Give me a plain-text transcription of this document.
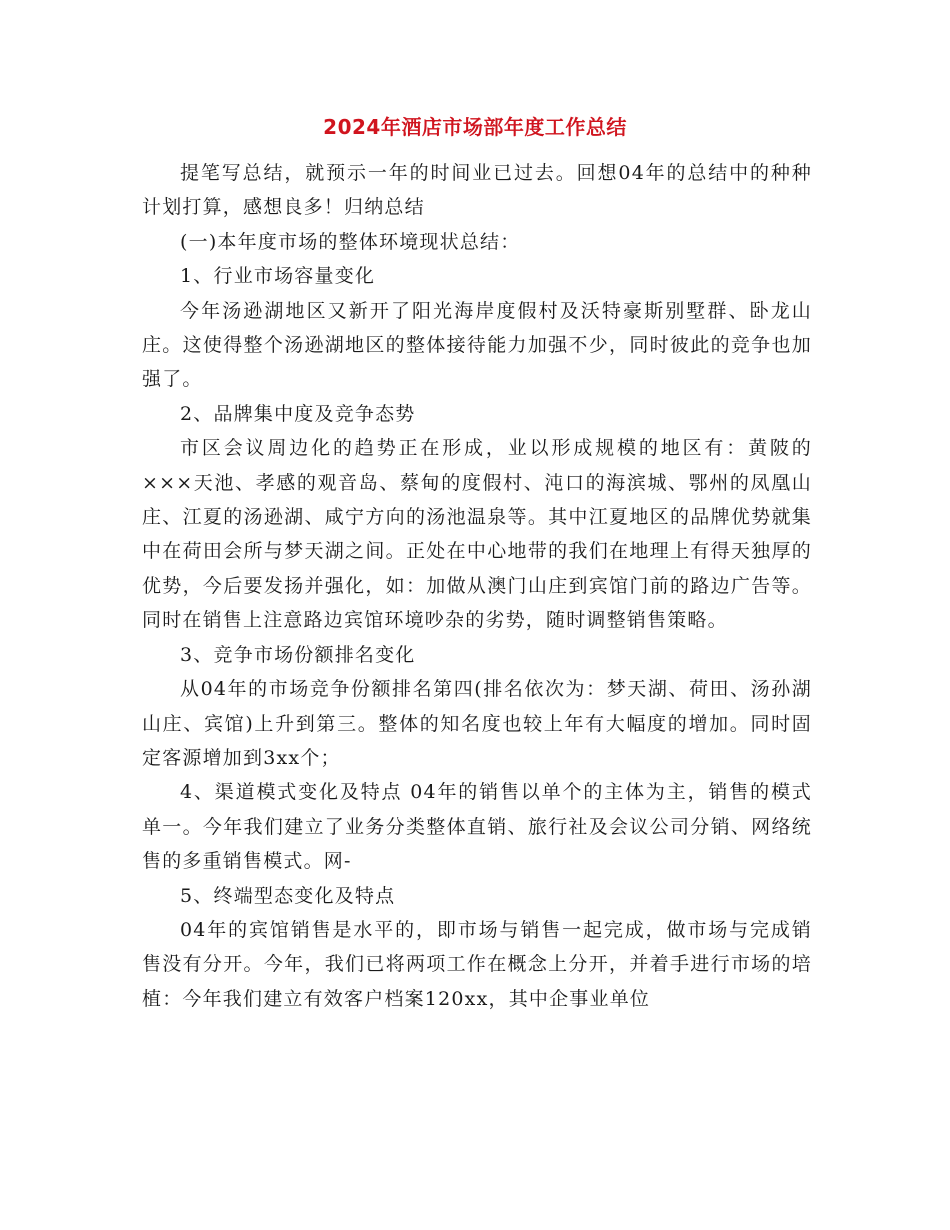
2024年酒店市场部年度工作总结

提笔写总结，就预示一年的时间业已过去。回想04年的总结中的种种计划打算，感想良多！归纳总结

(一)本年度市场的整体环境现状总结：

1、行业市场容量变化

今年汤逊湖地区又新开了阳光海岸度假村及沃特豪斯别墅群、卧龙山庄。这使得整个汤逊湖地区的整体接待能力加强不少，同时彼此的竞争也加强了。

2、品牌集中度及竞争态势

市区会议周边化的趋势正在形成，业以形成规模的地区有：黄陂的×××天池、孝感的观音岛、蔡甸的度假村、沌口的海滨城、鄂州的凤凰山庄、江夏的汤逊湖、咸宁方向的汤池温泉等。其中江夏地区的品牌优势就集中在荷田会所与梦天湖之间。正处在中心地带的我们在地理上有得天独厚的优势，今后要发扬并强化，如：加做从澳门山庄到宾馆门前的路边广告等。同时在销售上注意路边宾馆环境吵杂的劣势，随时调整销售策略。

3、竞争市场份额排名变化

从04年的市场竞争份额排名第四(排名依次为：梦天湖、荷田、汤孙湖山庄、宾馆)上升到第三。整体的知名度也较上年有大幅度的增加。同时固定客源增加到3xx个；

4、渠道模式变化及特点 04年的销售以单个的主体为主，销售的模式单一。今年我们建立了业务分类整体直销、旅行社及会议公司分销、网络统售的多重销售模式。网-

5、终端型态变化及特点

04年的宾馆销售是水平的，即市场与销售一起完成，做市场与完成销售没有分开。今年，我们已将两项工作在概念上分开，并着手进行市场的培植：今年我们建立有效客户档案120xx，其中企事业单位
